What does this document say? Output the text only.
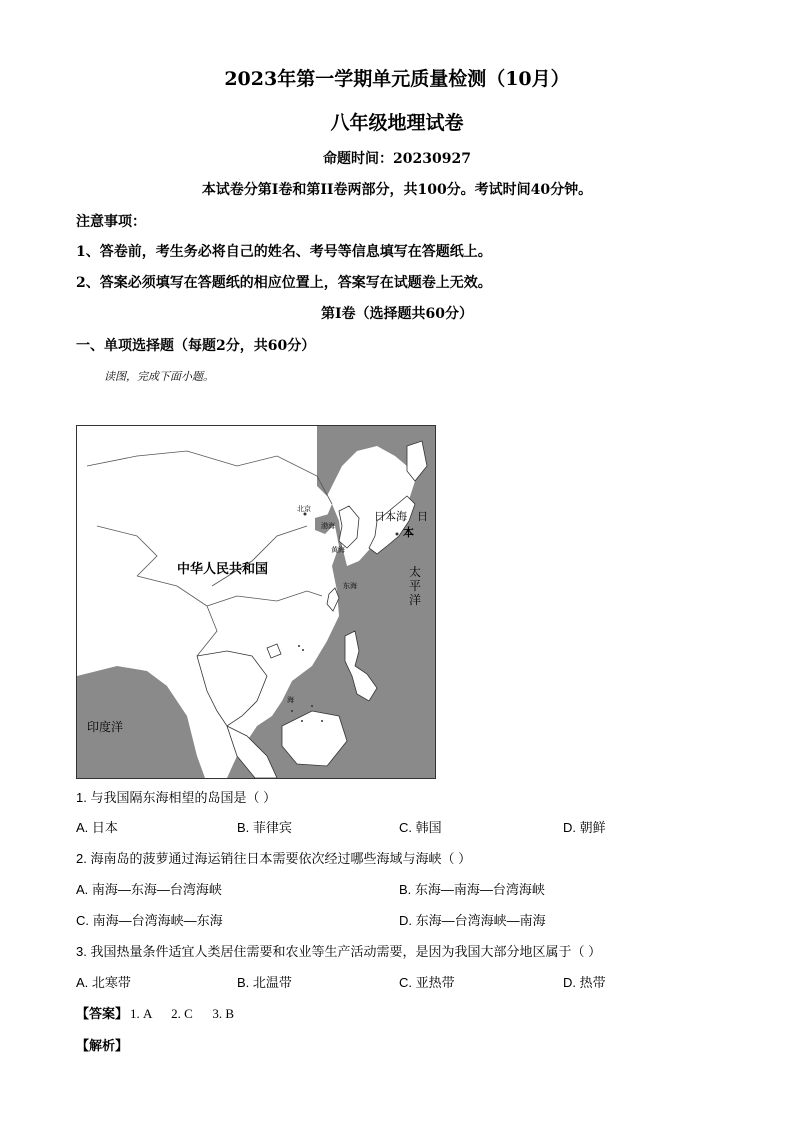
2023年第一学期单元质量检测（10月）
八年级地理试卷
命题时间：20230927
本试卷分第Ⅰ卷和第II卷两部分，共100分。考试时间40分钟。
注意事项：
1、答卷前，考生务必将自己的姓名、考号等信息填写在答题纸上。
2、答案必须填写在答题纸的相应位置上，答案写在试题卷上无效。
第Ⅰ卷（选择题共60分）
一、单项选择题（每题2分，共60分）
读图，完成下面小题。
中华人民共和国
北京
渤海
黄海
东海
日本海 日
本
太
平
洋
印度洋
海
1. 与我国隔东海相望的岛国是（ ）
A. 日本	B. 菲律宾	C. 韩国	D. 朝鲜
2. 海南岛的菠萝通过海运销往日本需要依次经过哪些海域与海峡（ ）
A. 南海—东海—台湾海峡	B. 东海—南海—台湾海峡
C. 南海—台湾海峡—东海	D. 东海—台湾海峡—南海
3. 我国热量条件适宜人类居住需要和农业等生产活动需要，是因为我国大部分地区属于（ ）
A. 北寒带	B. 北温带	C. 亚热带	D. 热带
【答案】 1. A      2. C      3. B
【解析】
